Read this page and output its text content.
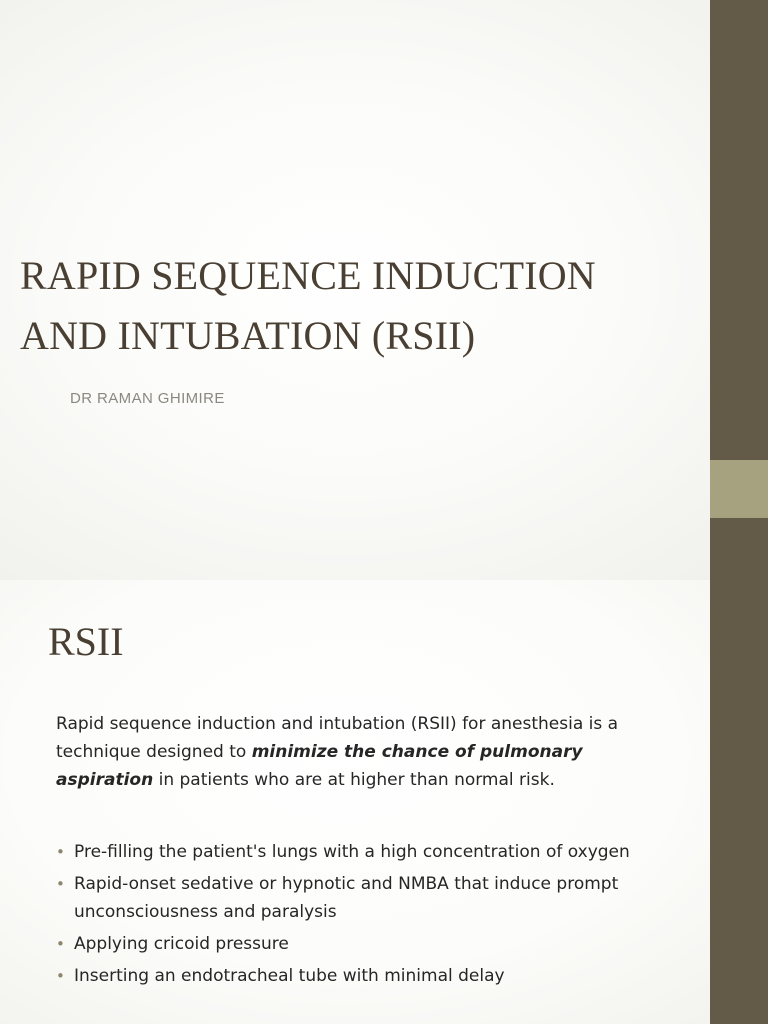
RAPID SEQUENCE INDUCTION
AND INTUBATION (RSII)
DR RAMAN GHIMIRE
RSII

Rapid sequence induction and intubation (RSII) for anesthesia is a technique designed to minimize the chance of pulmonary aspiration in patients who are at higher than normal risk.

• Pre-filling the patient's lungs with a high concentration of oxygen
• Rapid-onset sedative or hypnotic and NMBA that induce prompt unconsciousness and paralysis
• Applying cricoid pressure
• Inserting an endotracheal tube with minimal delay
